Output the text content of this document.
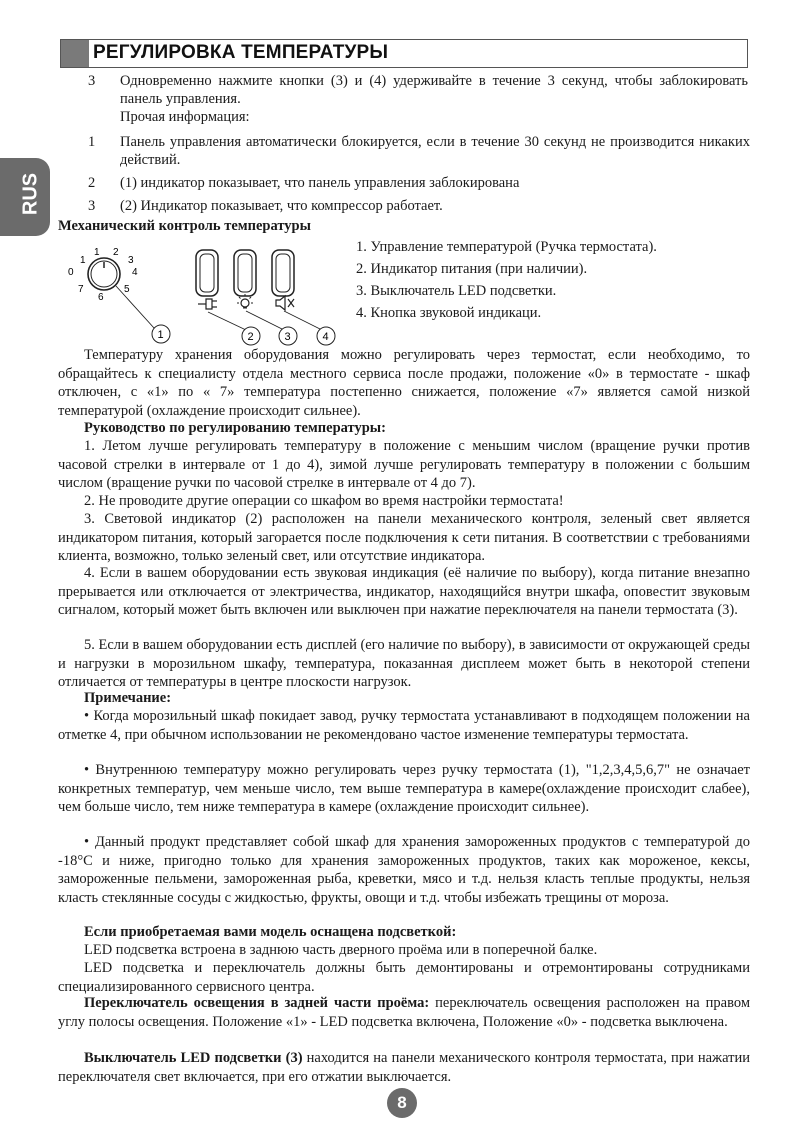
РЕГУЛИРОВКА ТЕМПЕРАТУРЫ
RUS
3 Одновременно нажмите кнопки (3) и (4) удерживайте в течение 3 секунд, чтобы заблокировать панель управления.
Прочая информация:
1 Панель управления автоматически блокируется, если в течение 30 секунд не производится никаких действий.
2 (1) индикатор показывает, что панель управления заблокирована
3 (2) Индикатор показывает, что компрессор работает.
Механический контроль температуры
1 2
3
4
5
6
7
0
1
1	2	3	4
1. Управление температурой (Ручка термостата).
2. Индикатор питания (при наличии).
3. Выключатель LED подсветки.
4. Кнопка звуковой индикаци.
Температуру хранения оборудования можно регулировать через термостат, если необходимо, то обращайтесь к специалисту отдела местного сервиса после продажи, положение «0» в термостате - шкаф отключен, с «1» по « 7» температура постепенно снижается, положение «7» является самой низкой температурой (охлаждение происходит сильнее).
Руководство по регулированию температуры:
1. Летом лучше регулировать температуру в положение с меньшим числом (вращение ручки против часовой стрелки в интервале от 1 до 4), зимой лучше регулировать температуру в положении с большим числом (вращение ручки по часовой стрелке в интервале от 4 до 7).
2. Не проводите другие операции со шкафом во время настройки термостата!
3. Световой индикатор (2) расположен на панели механического контроля, зеленый свет является индикатором питания, который загорается после подключения к сети питания. В соответствии с требованиями клиента, возможно, только зеленый свет, или отсутствие индикатора.
4. Если в вашем оборудовании есть звуковая индикация (её наличие по выбору), когда питание внезапно прерывается или отключается от электричества, индикатор, находящийся внутри шкафа, оповестит звуковым сигналом, который может быть включен или выключен при нажатие переключателя на панели термостата (3).
5. Если в вашем оборудовании есть дисплей (его наличие по выбору), в зависимости от окружающей среды и нагрузки в морозильном шкафу, температура, показанная дисплеем может быть в некоторой степени отличается от температуры в центре плоскости нагрузок.
Примечание:
• Когда морозильный шкаф покидает завод, ручку термостата устанавливают в подходящем положении на отметке 4, при обычном использовании не рекомендовано частое изменение температуры термостата.
• Внутреннюю температуру можно регулировать через ручку термостата (1), "1,2,3,4,5,6,7" не означает конкретных температур, чем меньше число, тем выше температура в камере(охлаждение происходит слабее), чем больше число, тем ниже температура в камере (охлаждение происходит сильнее).
• Данный продукт представляет собой шкаф для хранения замороженных продуктов с температурой до -18°С и ниже, пригодно только для хранения замороженных продуктов, таких как мороженое, кексы, замороженные пельмени, замороженная рыба, креветки, мясо и т.д. нельзя класть теплые продукты, нельзя класть стеклянные сосуды с жидкостью, фрукты, овощи и т.д. чтобы избежать трещины от мороза.
Если приобретаемая вами модель оснащена подсветкой:
LED подсветка встроена в заднюю часть дверного проёма или в поперечной балке.
LED подсветка и переключатель должны быть демонтированы и отремонтированы сотрудниками специализированного сервисного центра.
Переключатель освещения в задней части проёма: переключатель освещения расположен на правом углу полосы освещения. Положение «1» - LED подсветка включена, Положение «0» - подсветка выключена.
Выключатель LED подсветки (3) находится на панели механического контроля термостата, при нажатии переключателя свет включается, при его отжатии выключается.
8
